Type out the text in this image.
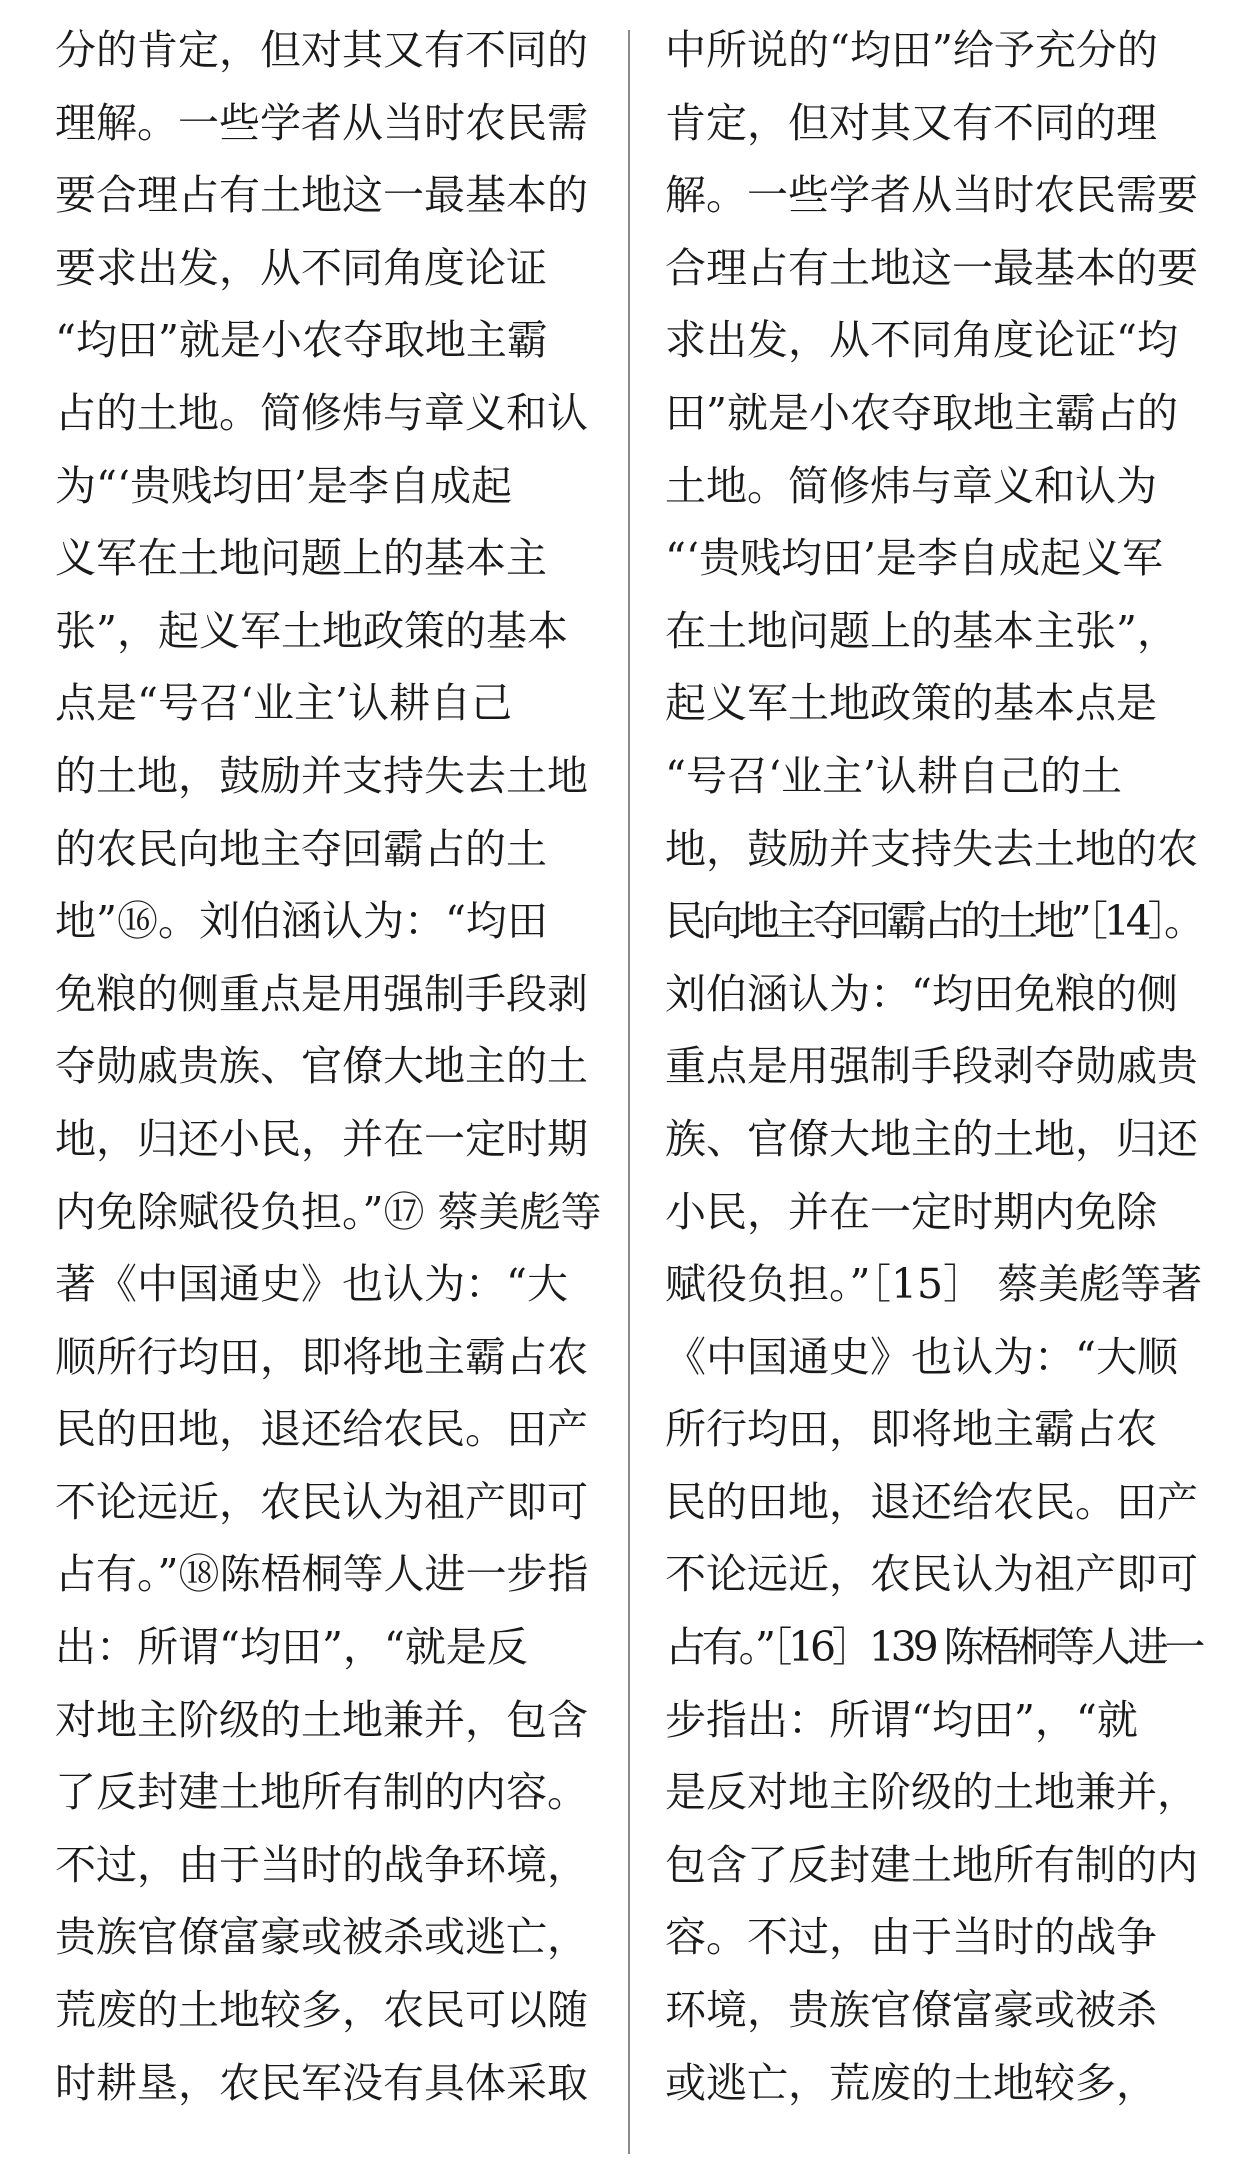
分的肯定，但对其又有不同的
理解。一些学者从当时农民需
要合理占有土地这一最基本的
要求出发，从不同角度论证
“均田”就是小农夺取地主霸
占的土地。简修炜与章义和认
为“‘贵贱均田’是李自成起
义军在土地问题上的基本主
张”，起义军土地政策的基本
点是“号召‘业主’认耕自己
的土地，鼓励并支持失去土地
的农民向地主夺回霸占的土
地”⑯。刘伯涵认为：“均田
免粮的侧重点是用强制手段剥
夺勋戚贵族、官僚大地主的土
地，归还小民，并在一定时期
内免除赋役负担。”⑰ 蔡美彪等
著《中国通史》也认为：“大
顺所行均田，即将地主霸占农
民的田地，退还给农民。田产
不论远近，农民认为祖产即可
占有。”⑱陈梧桐等人进一步指
出：所谓“均田”，“就是反
对地主阶级的土地兼并，包含
了反封建土地所有制的内容。
不过，由于当时的战争环境，
贵族官僚富豪或被杀或逃亡，
荒废的土地较多，农民可以随
时耕垦，农民军没有具体采取
中所说的“均田”给予充分的
肯定，但对其又有不同的理
解。一些学者从当时农民需要
合理占有土地这一最基本的要
求出发，从不同角度论证“均
田”就是小农夺取地主霸占的
土地。简修炜与章义和认为
“‘贵贱均田’是李自成起义军
在土地问题上的基本主张”，
起义军土地政策的基本点是
“号召‘业主’认耕自己的土
地，鼓励并支持失去土地的农
民向地主夺回霸占的土地”［14］。
刘伯涵认为：“均田免粮的侧
重点是用强制手段剥夺勋戚贵
族、官僚大地主的土地，归还
小民，并在一定时期内免除
赋役负担。”［15］ 蔡美彪等著
《中国通史》也认为：“大顺
所行均田，即将地主霸占农
民的田地，退还给农民。田产
不论远近，农民认为祖产即可
占有。”［16］139 陈梧桐等人进一
步指出：所谓“均田”，“就
是反对地主阶级的土地兼并，
包含了反封建土地所有制的内
容。不过，由于当时的战争
环境，贵族官僚富豪或被杀
或逃亡，荒废的土地较多，
